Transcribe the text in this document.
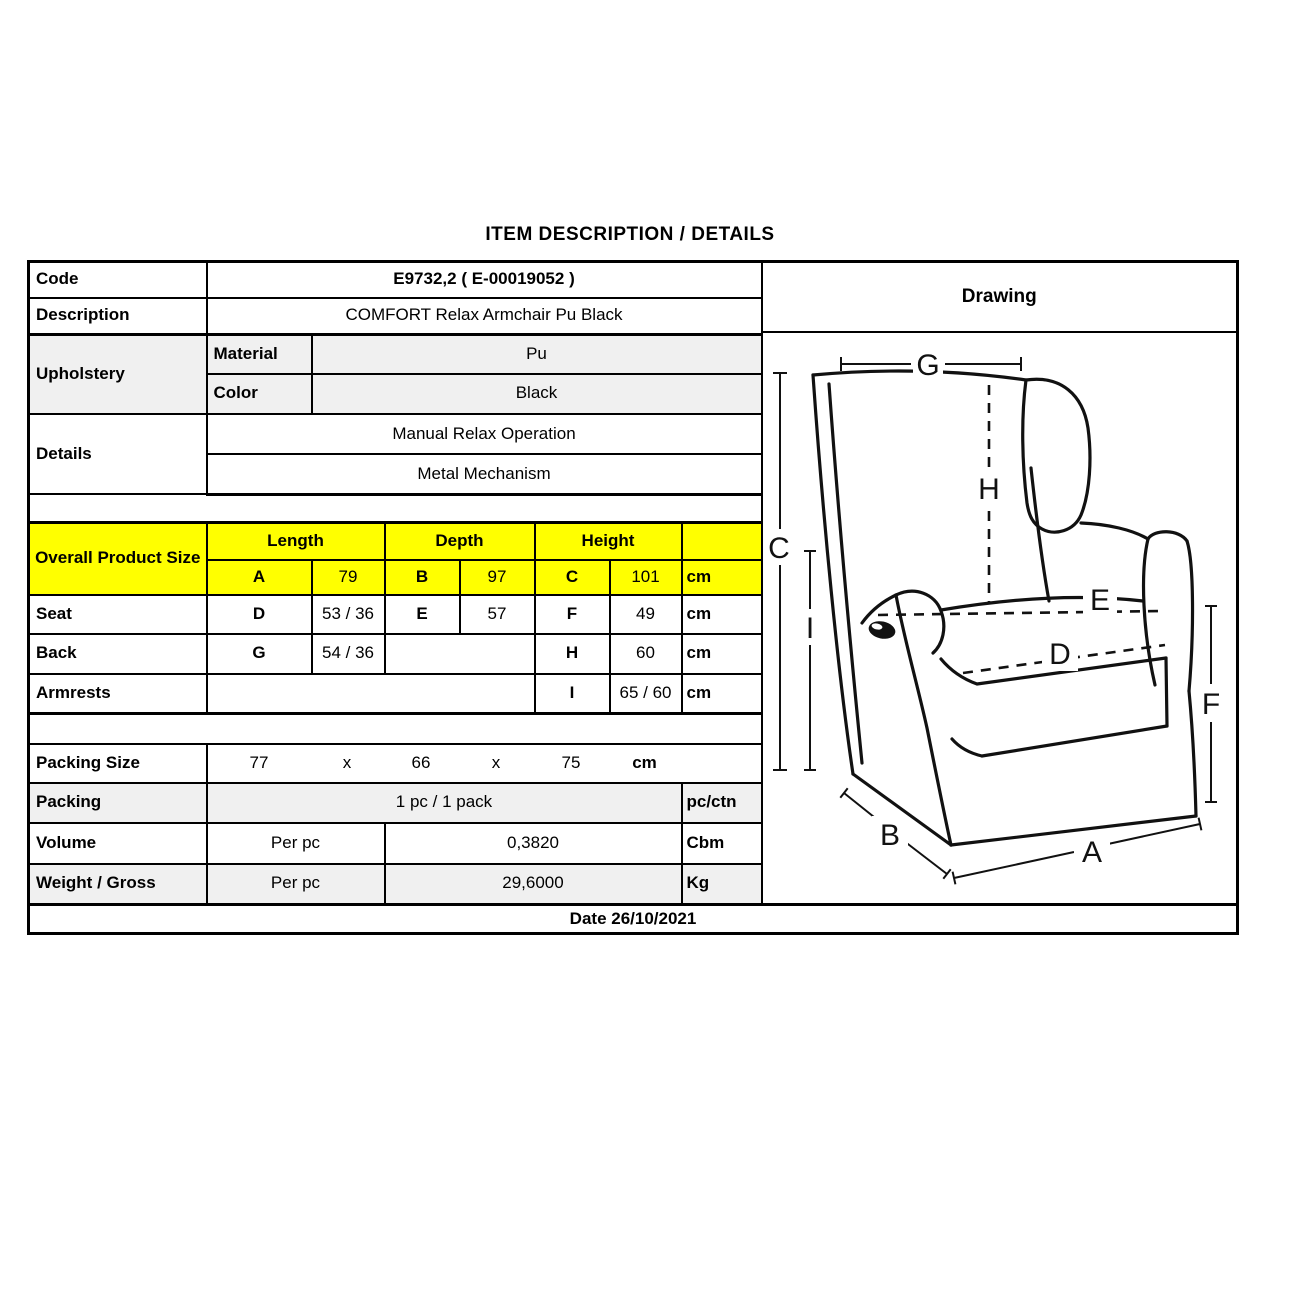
ITEM DESCRIPTION / DETAILS
Code	E9732,2 ( E-00019052 )	
Drawing
G
C
I
H
E
D
F
B
A

Description	COMFORT Relax Armchair Pu Black							
Upholstery	Material	Pu						
	Color	Black						
Details	Manual Relax Operation							
	Metal Mechanism							

Overall Product Size	Length		Depth		Height			
	A	79	B	97	C	101	cm	
Seat	D	53 / 36	E	57	F	49	cm	
Back	G	54 / 36			H	60	cm	
Armrests					I	65 / 60	cm	

Packing Size	77	x	66	x	75	cm

Packing	1 pc / 1 pack						pc/ctn	
Volume	Per pc		0,3820				Cbm	
Weight / Gross	Per pc		29,6000				Kg	
Date 26/10/2021								
